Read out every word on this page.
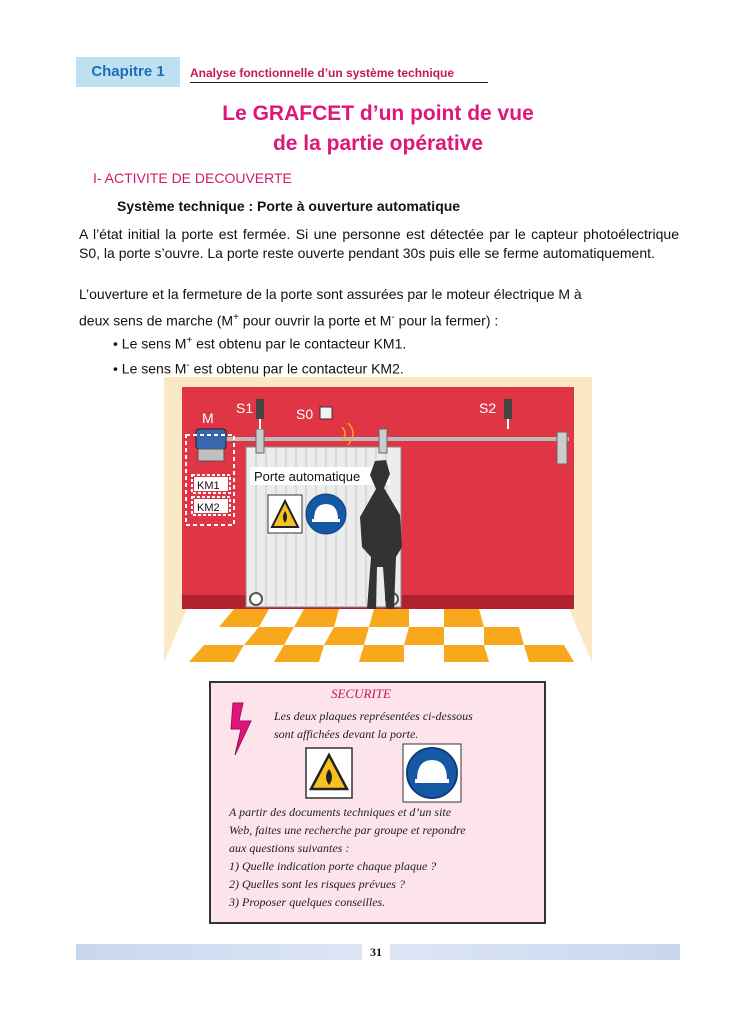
Chapitre 1	Analyse fonctionnelle d’un système technique
Le GRAFCET d’un point de vue
de la partie opérative
I- ACTIVITE DE DECOUVERTE
Système technique : Porte à ouverture automatique
A l’état initial la porte est fermée. Si une personne est détectée par le capteur photoélectrique S0, la porte s’ouvre. La porte reste ouverte pendant 30s puis elle se ferme automatiquement.
L’ouverture et la fermeture de la porte sont assurées par le moteur électrique M à
deux sens de marche (M+ pour ouvrir la porte et M- pour la fermer) :
• Le sens M+ est obtenu par le contacteur KM1.
• Le sens M- est obtenu par le contacteur KM2.
M
S1	S0	S2
KM1
KM2
Porte automatique
SECURITE
Les deux plaques représentées ci-dessous
sont affichées devant la porte.
A partir des documents techniques et d’un site
Web, faites une recherche par groupe et repondre
aux questions suivantes :
1) Quelle indication porte chaque plaque ?
2) Quelles sont les risques prévues ?
3) Proposer quelques conseilles.
31
